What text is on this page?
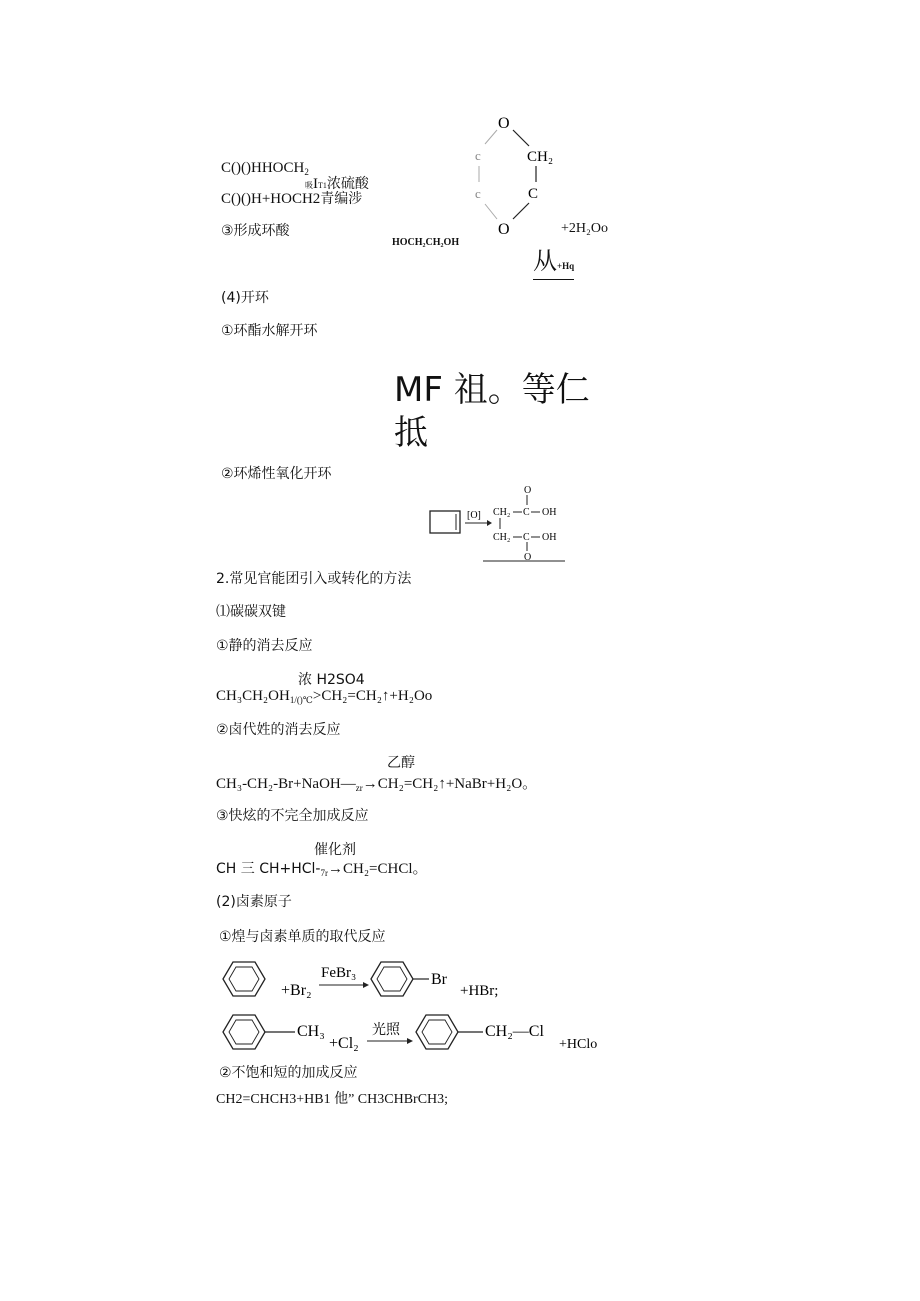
$C()()HHOCH_2$
吸IT1浓硫酸
C()()H+HOCH2青编涉
③形成环酸
HOCH₂CH₂OH
O
CH₂
C
O
c
c
+2H₂Oo
从+Hq
(4)开环
①环酯水解开环
MF 祖。等仁
抵
②环烯性氧化开环
[O]
O
CH₂ C OH
CH₂ C OH
O
2.常见官能团引入或转化的方法
⑴碳碳双键
①静的消去反应
浓 H2SO4
$CH_3CH_2OH_{1/()℃}>CH_2=CH_2↑+H_2Oo$
②卤代姓的消去反应
乙醇
CH₃-$CH_2-Br+NaOH—_{zr}\to CH_2=CH_2↑+NaBr+H_2O$。
③快炫的不完全加成反应
催化剂
CH 三 $CH+HCl-_{7r}\to CH_2=CHCl$。
(2)卤素原子
①煌与卤素单质的取代反应
+Br₂
FeBr₃	Br
+HBr;
CH₃
+Cl₂
光照	CH₂—Cl
+HClo
②不饱和短的加成反应
CH2=CHCH3+HB1 他” CH3CHBrCH3;
